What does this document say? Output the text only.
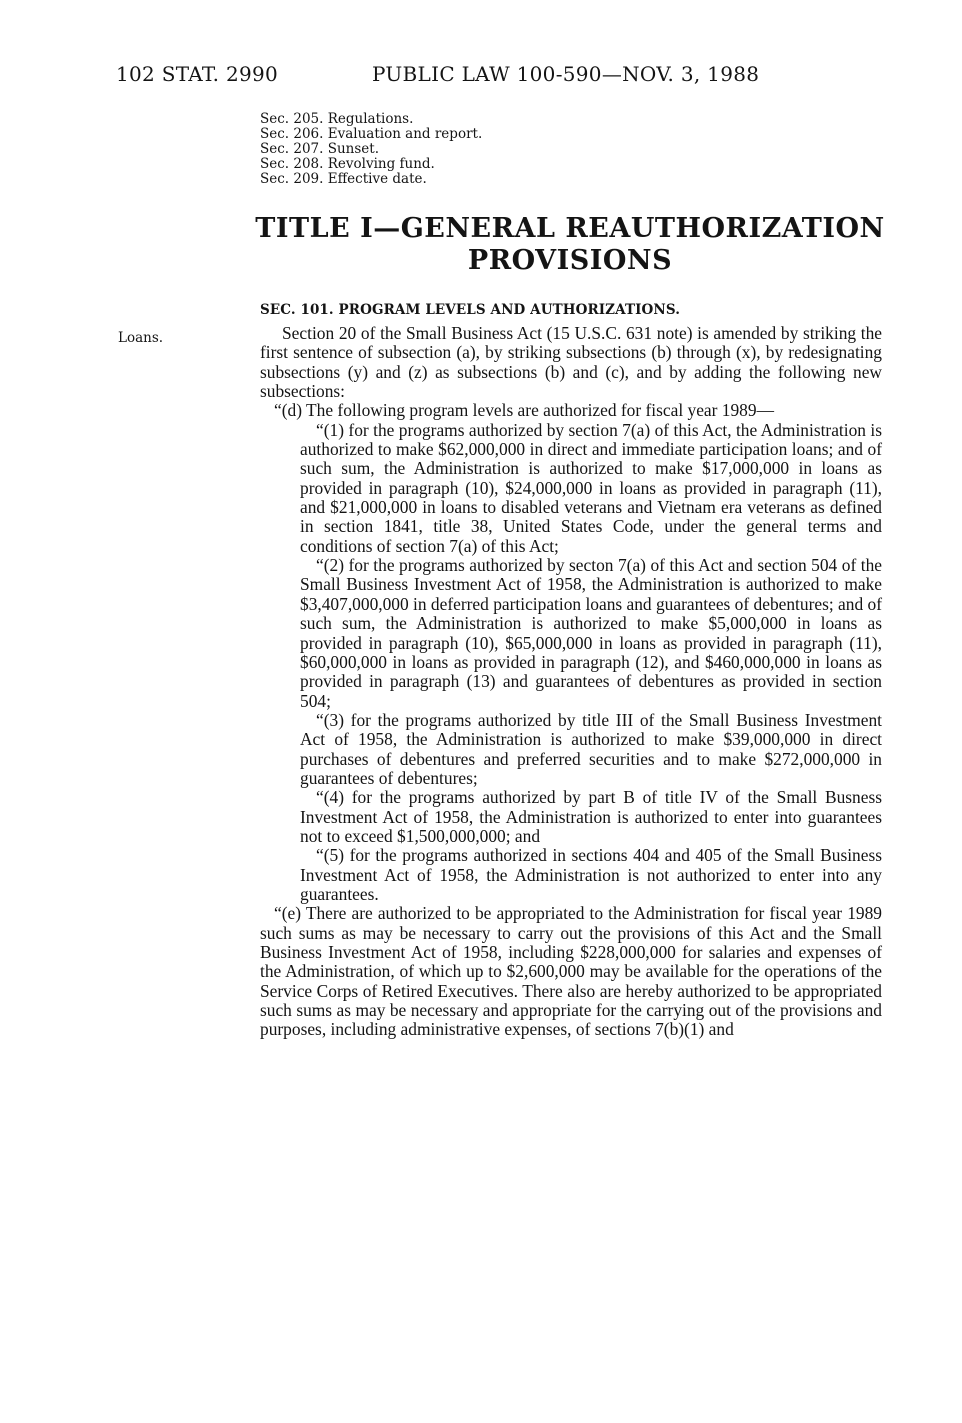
102 STAT. 2990	PUBLIC LAW 100-590—NOV. 3, 1988
Sec. 205. Regulations.
Sec. 206. Evaluation and report.
Sec. 207. Sunset.
Sec. 208. Revolving fund.
Sec. 209. Effective date.
TITLE I—GENERAL REAUTHORIZATION
PROVISIONS
SEC. 101. PROGRAM LEVELS AND AUTHORIZATIONS.
Loans.	Section 20 of the Small Business Act (15 U.S.C. 631 note) is amended by striking the first sentence of subsection (a), by striking subsections (b) through (x), by redesignating subsections (y) and (z) as subsections (b) and (c), and by adding the following new subsections:

“(d) The following program levels are authorized for fiscal year 1989—

“(1) for the programs authorized by section 7(a) of this Act, the Administration is authorized to make $62,000,000 in direct and immediate participation loans; and of such sum, the Administration is authorized to make $17,000,000 in loans as provided in paragraph (10), $24,000,000 in loans as provided in paragraph (11), and $21,000,000 in loans to disabled veterans and Vietnam era veterans as defined in section 1841, title 38, United States Code, under the general terms and conditions of section 7(a) of this Act;

“(2) for the programs authorized by secton 7(a) of this Act and section 504 of the Small Business Investment Act of 1958, the Administration is authorized to make $3,407,000,000 in deferred participation loans and guarantees of debentures; and of such sum, the Administration is authorized to make $5,000,000 in loans as provided in paragraph (10), $65,000,000 in loans as provided in paragraph (11), $60,000,000 in loans as provided in paragraph (12), and $460,000,000 in loans as provided in paragraph (13) and guarantees of debentures as provided in section 504;

“(3) for the programs authorized by title III of the Small Business Investment Act of 1958, the Administration is authorized to make $39,000,000 in direct purchases of debentures and preferred securities and to make $272,000,000 in guarantees of debentures;

“(4) for the programs authorized by part B of title IV of the Small Busness Investment Act of 1958, the Administration is authorized to enter into guarantees not to exceed $1,500,000,000; and

“(5) for the programs authorized in sections 404 and 405 of the Small Business Investment Act of 1958, the Administration is not authorized to enter into any guarantees.

“(e) There are authorized to be appropriated to the Administration for fiscal year 1989 such sums as may be necessary to carry out the provisions of this Act and the Small Business Investment Act of 1958, including $228,000,000 for salaries and expenses of the Administration, of which up to $2,600,000 may be available for the operations of the Service Corps of Retired Executives. There also are hereby authorized to be appropriated such sums as may be necessary and appropriate for the carrying out of the provisions and purposes, including administrative expenses, of sections 7(b)(1) and
